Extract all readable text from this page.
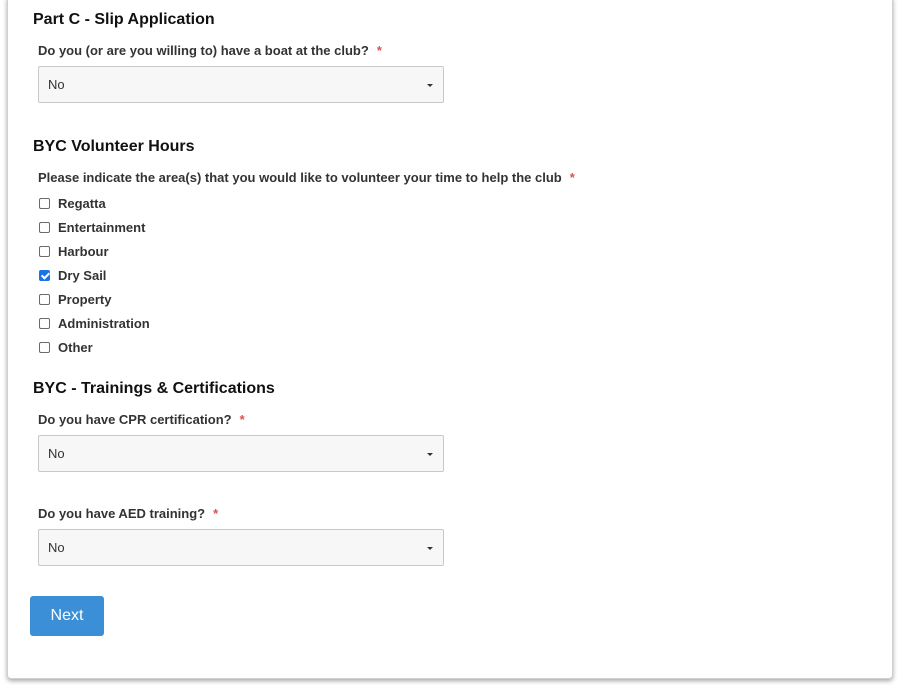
Part C - Slip Application
Do you (or are you willing to) have a boat at the club? *
No
BYC Volunteer Hours
Please indicate the area(s) that you would like to volunteer your time to help the club *
Regatta
Entertainment
Harbour
Dry Sail
Property
Administration
Other
BYC - Trainings & Certifications
Do you have CPR certification? *
No
Do you have AED training? *
No
Next
